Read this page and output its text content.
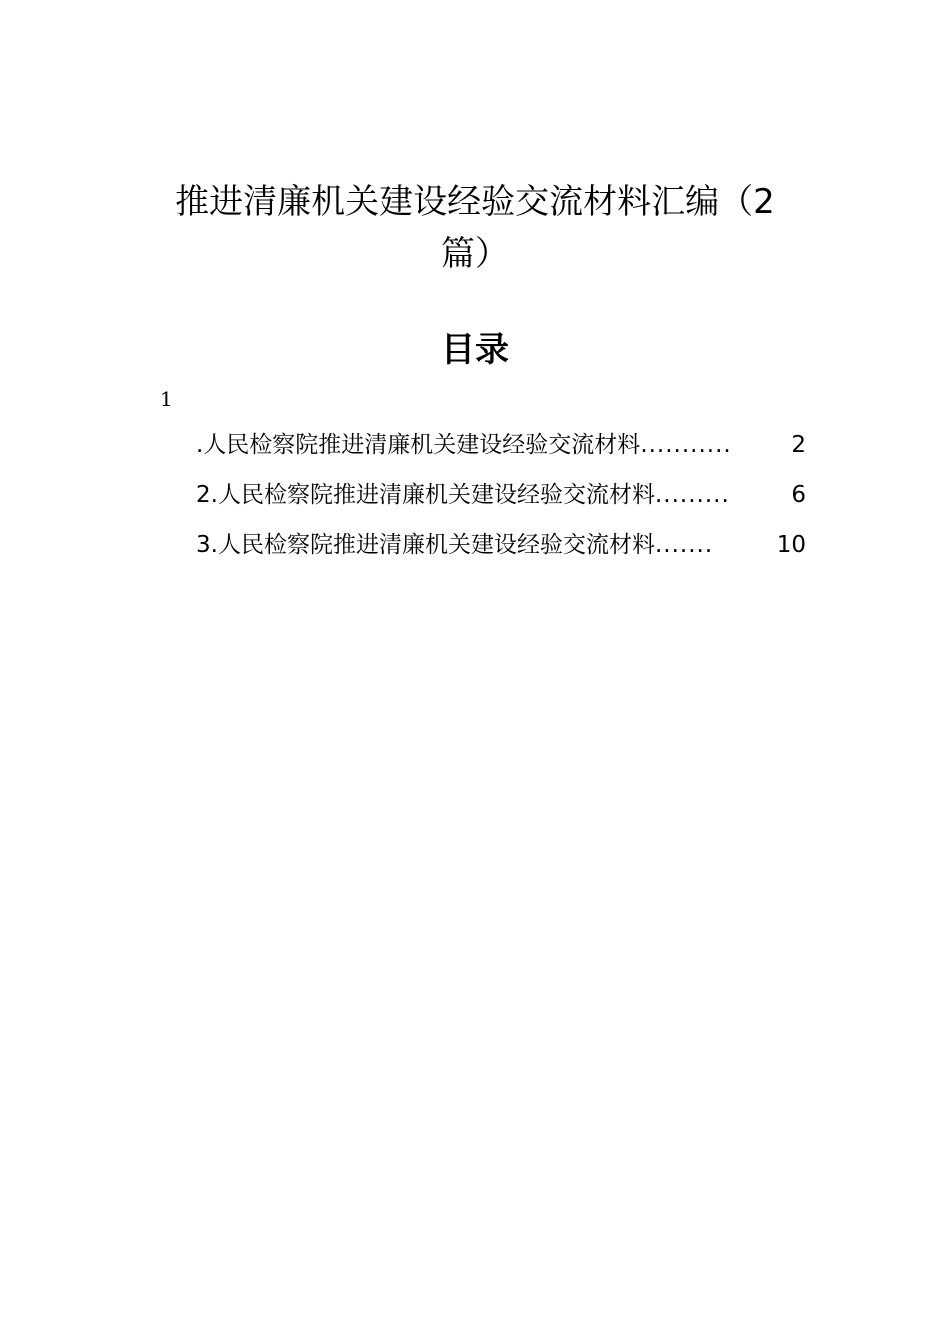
推进清廉机关建设经验交流材料汇编（2篇）
目录
1
.人民检察院推进清廉机关建设经验交流材料 ...........	2
2 .人民检察院推进清廉机关建设经验交流材料 .........	6
3 .人民检察院推进清廉机关建设经验交流材料 .......	10
